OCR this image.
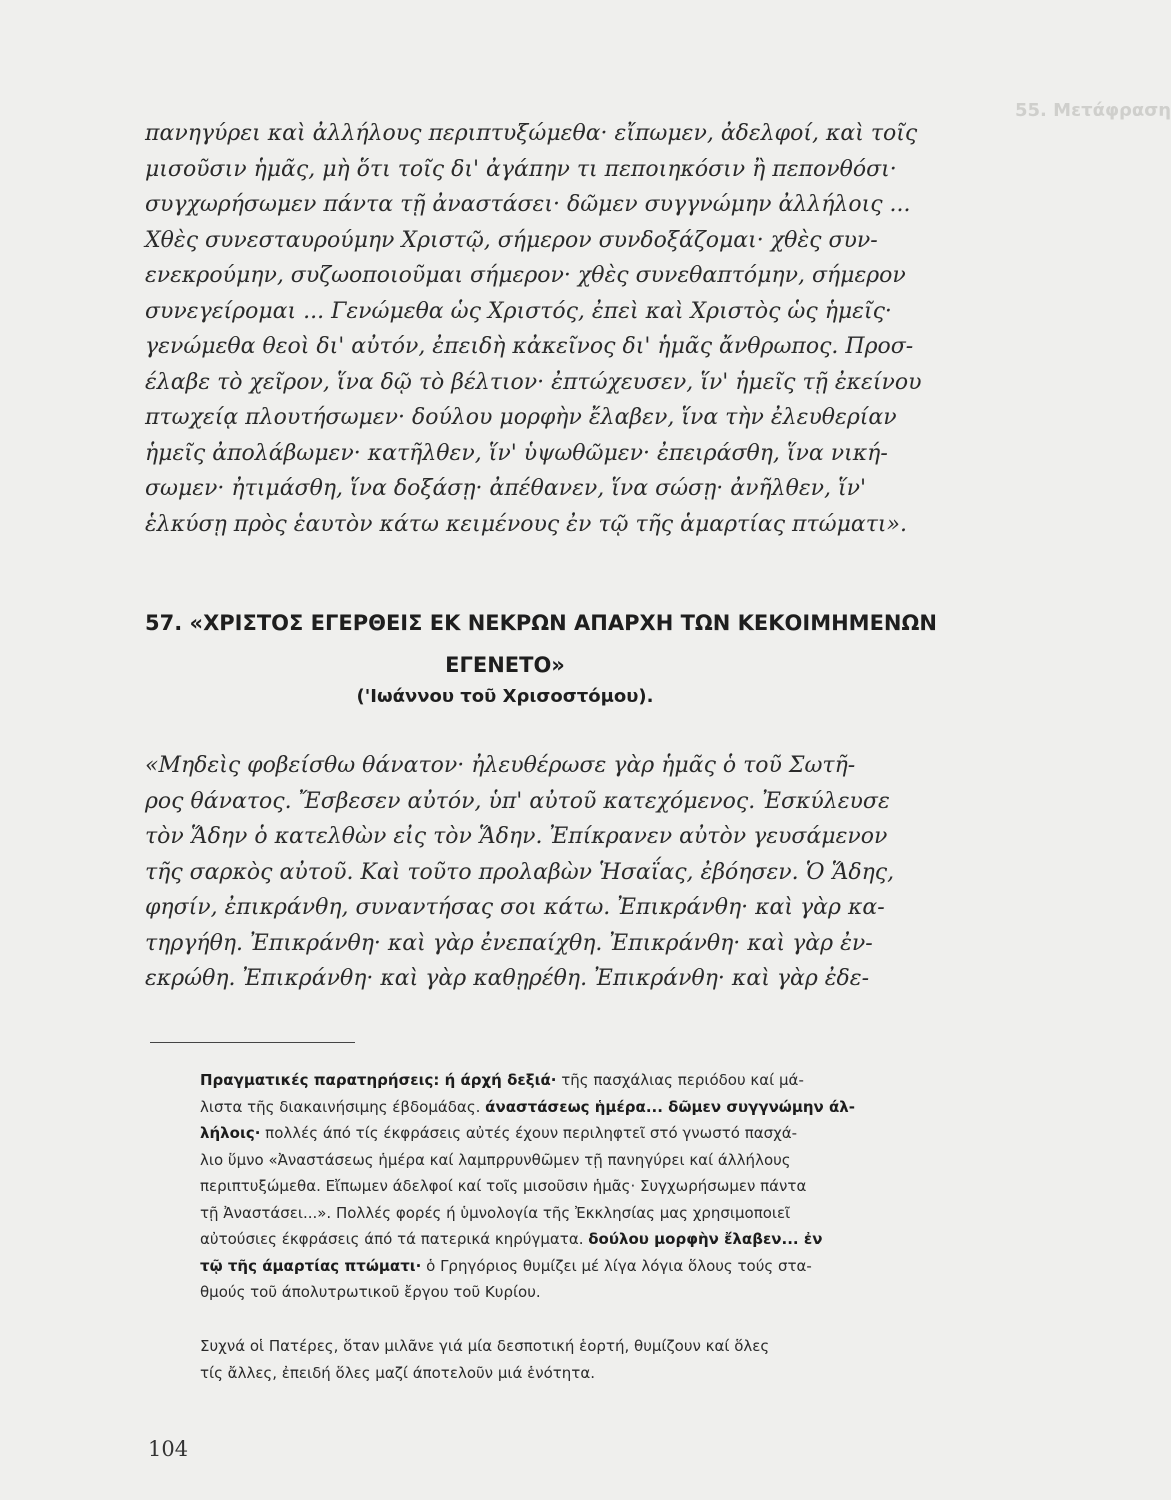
55. Μετάφραση
πανηγύρει καὶ ἀλλήλους περιπτυξώμεθα· εἴπωμεν, ἀδελφοί, καὶ τοῖς
μισοῦσιν ἡμᾶς, μὴ ὅτι τοῖς δι' ἀγάπην τι πεποιηκόσιν ἢ πεπονθόσι·
συγχωρήσωμεν πάντα τῇ ἀναστάσει· δῶμεν συγγνώμην ἀλλήλοις ...
Χθὲς συνεσταυρούμην Χριστῷ, σήμερον συνδοξάζομαι· χθὲς συν-
ενεκρούμην, συζωοποιοῦμαι σήμερον· χθὲς συνεθαπτόμην, σήμερον
συνεγείρομαι ... Γενώμεθα ὡς Χριστός, ἐπεὶ καὶ Χριστὸς ὡς ἡμεῖς·
γενώμεθα θεοὶ δι' αὐτόν, ἐπειδὴ κἀκεῖνος δι' ἡμᾶς ἄνθρωπος. Προσ-
έλαβε τὸ χεῖρον, ἵνα δῷ τὸ βέλτιον· ἐπτώχευσεν, ἵν' ἡμεῖς τῇ ἐκείνου
πτωχείᾳ πλουτήσωμεν· δούλου μορφὴν ἔλαβεν, ἵνα τὴν ἐλευθερίαν
ἡμεῖς ἀπολάβωμεν· κατῆλθεν, ἵν' ὑψωθῶμεν· ἐπειράσθη, ἵνα νική-
σωμεν· ἠτιμάσθη, ἵνα δοξάσῃ· ἀπέθανεν, ἵνα σώσῃ· ἀνῆλθεν, ἵν'
ἑλκύσῃ πρὸς ἑαυτὸν κάτω κειμένους ἐν τῷ τῆς ἁμαρτίας πτώματι».
57. «ΧΡΙΣΤΟΣ ΕΓΕΡΘΕΙΣ ΕΚ ΝΕΚΡΩΝ ΑΠΑΡΧΗ ΤΩΝ ΚΕΚΟΙΜΗΜΕΝΩΝ
ΕΓΕΝΕΤΟ»
('Ιωάννου τοῦ Χρισοστόμου).
«Μηδεὶς φοβείσθω θάνατον· ἠλευθέρωσε γὰρ ἡμᾶς ὁ τοῦ Σωτῆ-
ρος θάνατος. Ἔσβεσεν αὐτόν, ὑπ' αὐτοῦ κατεχόμενος. Ἐσκύλευσε
τὸν Ἅδην ὁ κατελθὼν εἰς τὸν Ἅδην. Ἐπίκρανεν αὐτὸν γευσάμενον
τῆς σαρκὸς αὐτοῦ. Καὶ τοῦτο προλαβὼν Ἡσαΐας, ἐβόησεν. Ὁ Ἅδης,
φησίν, ἐπικράνθη, συναντήσας σοι κάτω. Ἐπικράνθη· καὶ γὰρ κα-
τηργήθη. Ἐπικράνθη· καὶ γὰρ ἐνεπαίχθη. Ἐπικράνθη· καὶ γὰρ ἐν-
εκρώθη. Ἐπικράνθη· καὶ γὰρ καθῃρέθη. Ἐπικράνθη· καὶ γὰρ ἐδε-
Πραγματικές παρατηρήσεις: ή άρχή δεξιά· τῆς πασχάλιας περιόδου καί μά-
λιστα τῆς διακαινήσιμης έβδομάδας. άναστάσεως ἡμέρα... δῶμεν συγγνώμην άλ-
λήλοις· πολλές άπό τίς έκφράσεις αὐτές έχουν περιληφτεῖ στό γνωστό πασχά-
λιο ὕμνο «Ἀναστάσεως ἡμέρα καί λαμπρρυνθῶμεν τῇ πανηγύρει καί άλλήλους
περιπτυξώμεθα. Εἴπωμεν άδελφοί καί τοῖς μισοῦσιν ἡμᾶς· Συγχωρήσωμεν πάντα
τῇ Ἀναστάσει...». Πολλές φορές ή ὑμνολογία τῆς Ἐκκλησίας μας χρησιμοποιεῖ
αὐτούσιες έκφράσεις άπό τά πατερικά κηρύγματα. δούλου μορφὴν ἔλαβεν... ἐν
τῷ τῆς άμαρτίας πτώματι· ὁ Γρηγόριος θυμίζει μέ λίγα λόγια ὅλους τούς στα-
θμούς τοῦ άπολυτρωτικοῦ ἔργου τοῦ Κυρίου.
Συχνά οἱ Πατέρες, ὅταν μιλᾶνε γιά μία δεσποτική ἑορτή, θυμίζουν καί ὅλες
τίς ἄλλες, ἐπειδή ὅλες μαζί άποτελοῦν μιά ἑνότητα.
104
